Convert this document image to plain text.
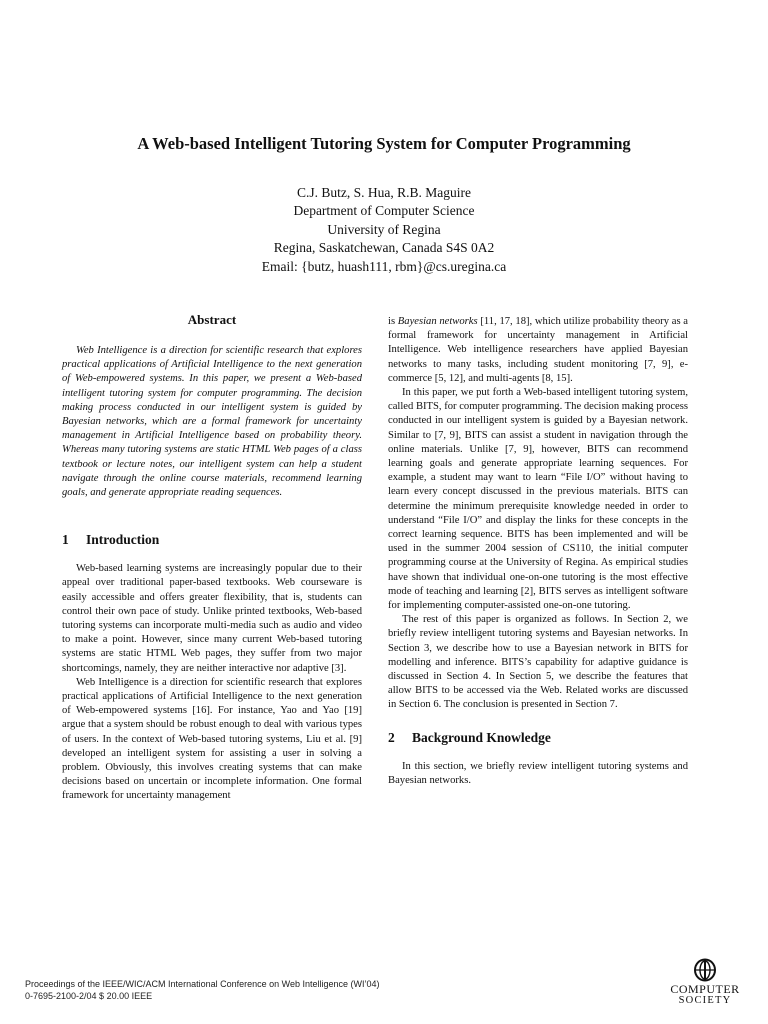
A Web-based Intelligent Tutoring System for Computer Programming
C.J. Butz, S. Hua, R.B. Maguire
Department of Computer Science
University of Regina
Regina, Saskatchewan, Canada S4S 0A2
Email: {butz, huash111, rbm}@cs.uregina.ca
Abstract

Web Intelligence is a direction for scientific research that explores practical applications of Artificial Intelligence to the next generation of Web-empowered systems. In this paper, we present a Web-based intelligent tutoring system for computer programming. The decision making process conducted in our intelligent system is guided by Bayesian networks, which are a formal framework for uncertainty management in Artificial Intelligence based on probability theory. Whereas many tutoring systems are static HTML Web pages of a class textbook or lecture notes, our intelligent system can help a student navigate through the online course materials, recommend learning goals, and generate appropriate reading sequences.

1 Introduction

Web-based learning systems are increasingly popular due to their appeal over traditional paper-based textbooks. Web courseware is easily accessible and offers greater flexibility, that is, students can control their own pace of study. Unlike printed textbooks, Web-based tutoring systems can incorporate multi-media such as audio and video to make a point. However, since many current Web-based tutoring systems are static HTML Web pages, they suffer from two major shortcomings, namely, they are neither interactive nor adaptive [3].

Web Intelligence is a direction for scientific research that explores practical applications of Artificial Intelligence to the next generation of Web-empowered systems [16]. For instance, Yao and Yao [19] argue that a system should be robust enough to deal with various types of users. In the context of Web-based tutoring systems, Liu et al. [9] developed an intelligent system for assisting a user in solving a problem. Obviously, this involves creating systems that can make decisions based on uncertain or incomplete information. One formal framework for uncertainty management

is Bayesian networks [11, 17, 18], which utilize probability theory as a formal framework for uncertainty management in Artificial Intelligence. Web intelligence researchers have applied Bayesian networks to many tasks, including student monitoring [7, 9], e-commerce [5, 12], and multi-agents [8, 15].

In this paper, we put forth a Web-based intelligent tutoring system, called BITS, for computer programming. The decision making process conducted in our intelligent system is guided by a Bayesian network. Similar to [7, 9], BITS can assist a student in navigation through the online materials. Unlike [7, 9], however, BITS can recommend learning goals and generate appropriate learning sequences. For example, a student may want to learn “File I/O” without having to learn every concept discussed in the previous materials. BITS can determine the minimum prerequisite knowledge needed in order to understand “File I/O” and display the links for these concepts in the correct learning sequence. BITS has been implemented and will be used in the summer 2004 session of CS110, the initial computer programming course at the University of Regina. As empirical studies have shown that individual one-on-one tutoring is the most effective mode of teaching and learning [2], BITS serves as intelligent software for implementing computer-assisted one-on-one tutoring.

The rest of this paper is organized as follows. In Section 2, we briefly review intelligent tutoring systems and Bayesian networks. In Section 3, we describe how to use a Bayesian network in BITS for modelling and inference. BITS’s capability for adaptive guidance is discussed in Section 4. In Section 5, we describe the features that allow BITS to be accessed via the Web. Related works are discussed in Section 6. The conclusion is presented in Section 7.

2 Background Knowledge

In this section, we briefly review intelligent tutoring systems and Bayesian networks.

Proceedings of the IEEE/WIC/ACM International Conference on Web Intelligence (WI’04)
0-7695-2100-2/04 $ 20.00 IEEE	COMPUTER
SOCIETY
